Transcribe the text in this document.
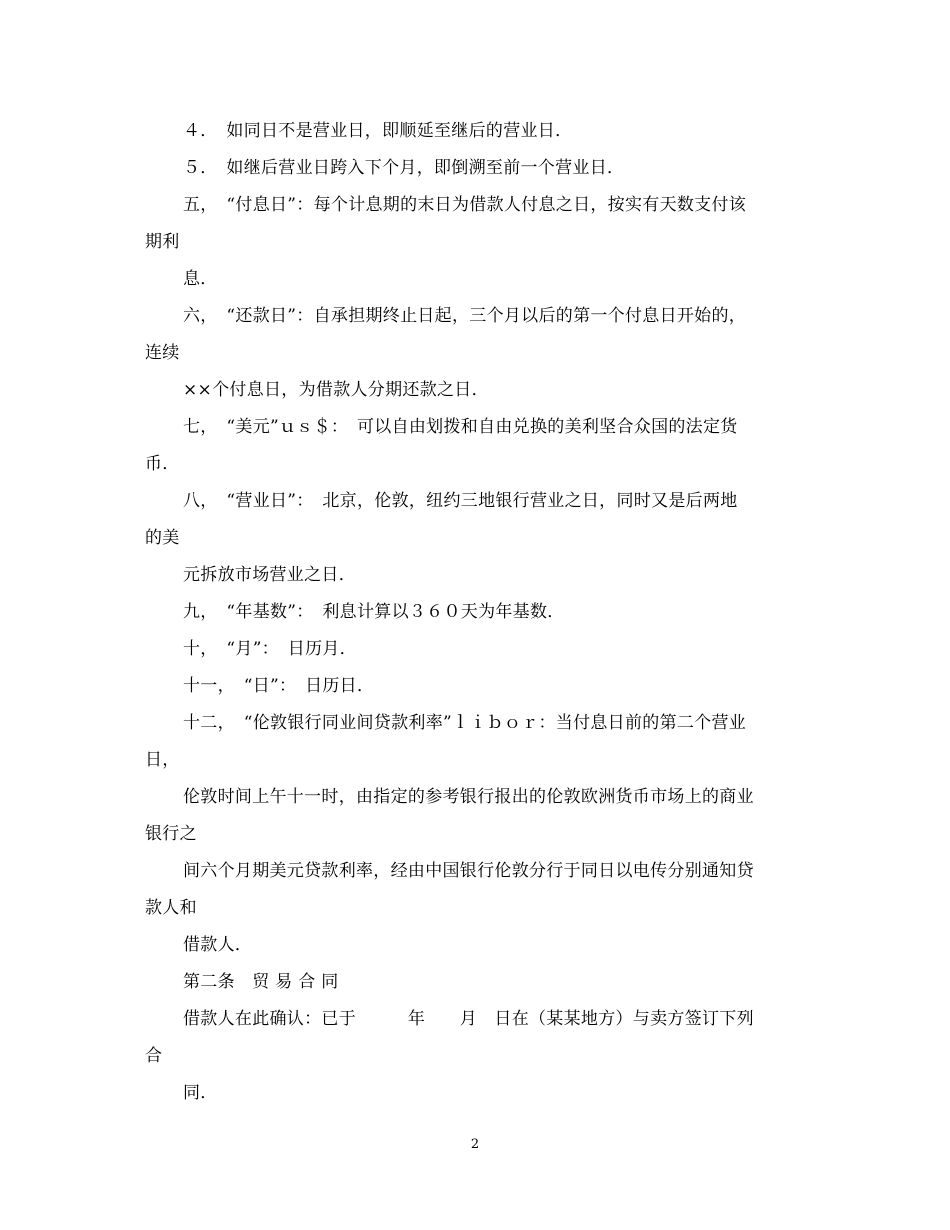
４．　如同日不是营业日，即顺延至继后的营业日．
５．　如继后营业日跨入下个月，即倒溯至前一个营业日．
五，　“付息日”：每个计息期的末日为借款人付息之日，按实有天数支付该
期利
息．
六，　“还款日”：自承担期终止日起，三个月以后的第一个付息日开始的，
连续
××个付息日，为借款人分期还款之日．
七，　“美元”ｕｓ＄：　可以自由划拨和自由兑换的美利坚合众国的法定货
币．
八，　“营业日”：　北京，伦敦，纽约三地银行营业之日，同时又是后两地
的美
元拆放市场营业之日．
九，　“年基数”：　利息计算以３６０天为年基数．
十，　“月”：　日历月．
十一，　“日”：　日历日．
十二，　“伦敦银行同业间贷款利率”ｌｉｂｏｒ：当付息日前的第二个营业
日，
伦敦时间上午十一时，由指定的参考银行报出的伦敦欧洲货币市场上的商业
银行之
间六个月期美元贷款利率，经由中国银行伦敦分行于同日以电传分别通知贷
款人和
借款人．
第二条　贸 易 合 同
借款人在此确认：已于　　　年　　月　日在（某某地方）与卖方签订下列
合
同．
2
